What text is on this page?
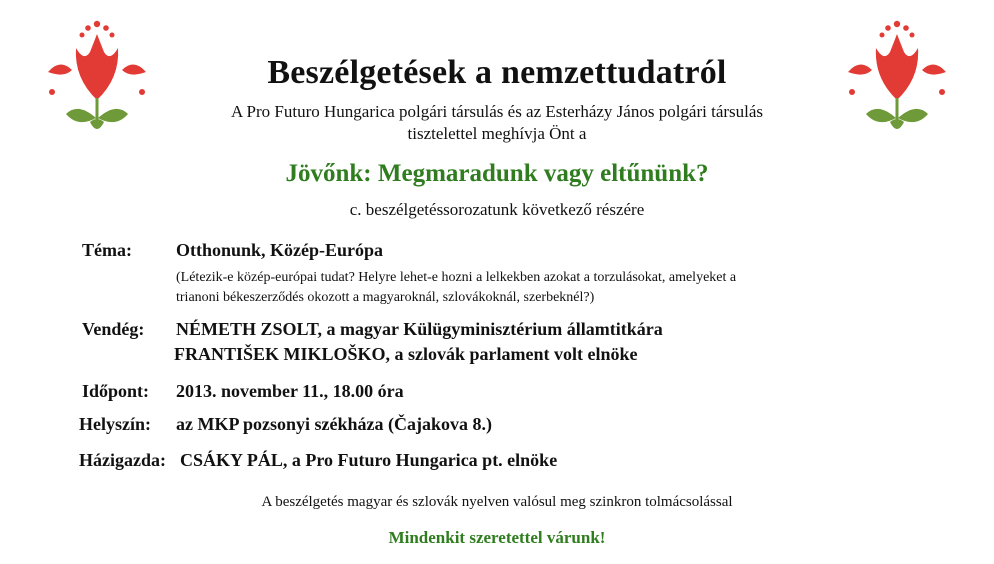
Beszélgetések a nemzettudatról
A Pro Futuro Hungarica polgári társulás és az Esterházy János polgári társulás
tisztelettel meghívja Önt a
Jövőnk: Megmaradunk vagy eltűnünk?
c. beszélgetéssorozatunk következő részére
Téma: Otthonunk, Közép-Európa
(Létezik-e közép-európai tudat? Helyre lehet-e hozni a lelkekben azokat a torzulásokat, amelyeket a
trianoni békeszerződés okozott a magyaroknál, szlovákoknál, szerbeknél?)
Vendég: NÉMETH ZSOLT, a magyar Külügyminisztérium államtitkára
FRANTIŠEK MIKLOŠKO, a szlovák parlament volt elnöke
Időpont: 2013. november 11., 18.00 óra
Helyszín: az MKP pozsonyi székháza (Čajakova 8.)
Házigazda: CSÁKY PÁL, a Pro Futuro Hungarica pt. elnöke
A beszélgetés magyar és szlovák nyelven valósul meg szinkron tolmácsolással
Mindenkit szeretettel várunk!
